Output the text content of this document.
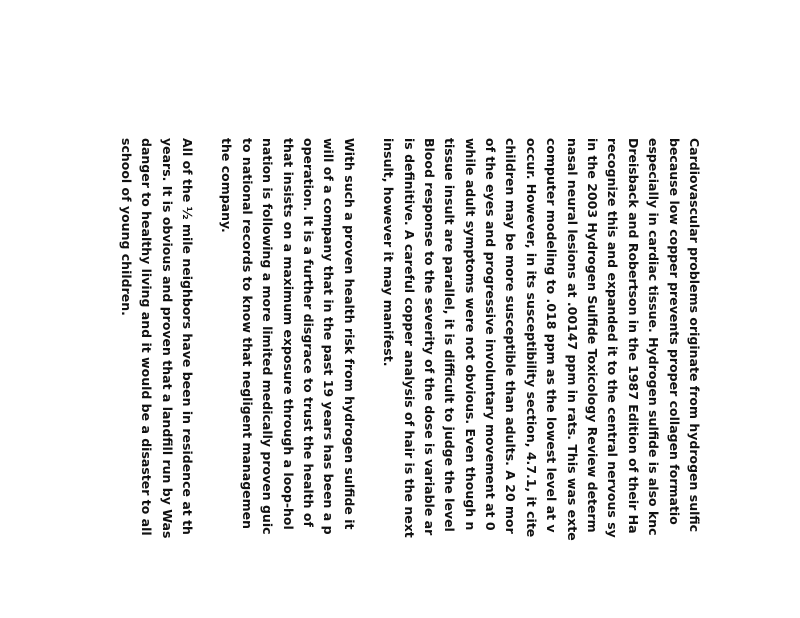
Cardiovascular problems originate from hydrogen sulfic
because low copper prevents proper collagen formatio
especially in cardiac tissue. Hydrogen sulfide is also knc
Dreisback and Robertson in the 1987 Edition of their Ha
recognize this and expanded it to the central nervous sy
in the 2003 Hydrogen Sulfide Toxicology Review determ
nasal neural lesions at .00147 ppm in rats. This was exte
computer modeling to .018 ppm as the lowest level at v
occur. However, in its susceptibility section, 4.7.1, it cite
children may be more susceptible than adults. A 20 mor
of the eyes and progressive involuntary movement at 0
while adult symptoms were not obvious. Even though n
tissue insult are parallel, it is difficult to judge the level
Blood response to the severity of the dose is variable ar
is definitive. A careful copper analysis of hair is the next
insult, however it may manifest.
With such a proven health risk from hydrogen sulfide it
will of a company that in the past 19 years has been a p
operation. It is a further disgrace to trust the health of
that insists on a maximum exposure through a loop-hol
nation is following a more limited medically proven guic
to national records to know that negligent managemen
the company.
All of the ½ mile neighbors have been in residence at th
years. It is obvious and proven that a landfill run by Was
danger to healthy living and it would be a disaster to all
school of young children.
